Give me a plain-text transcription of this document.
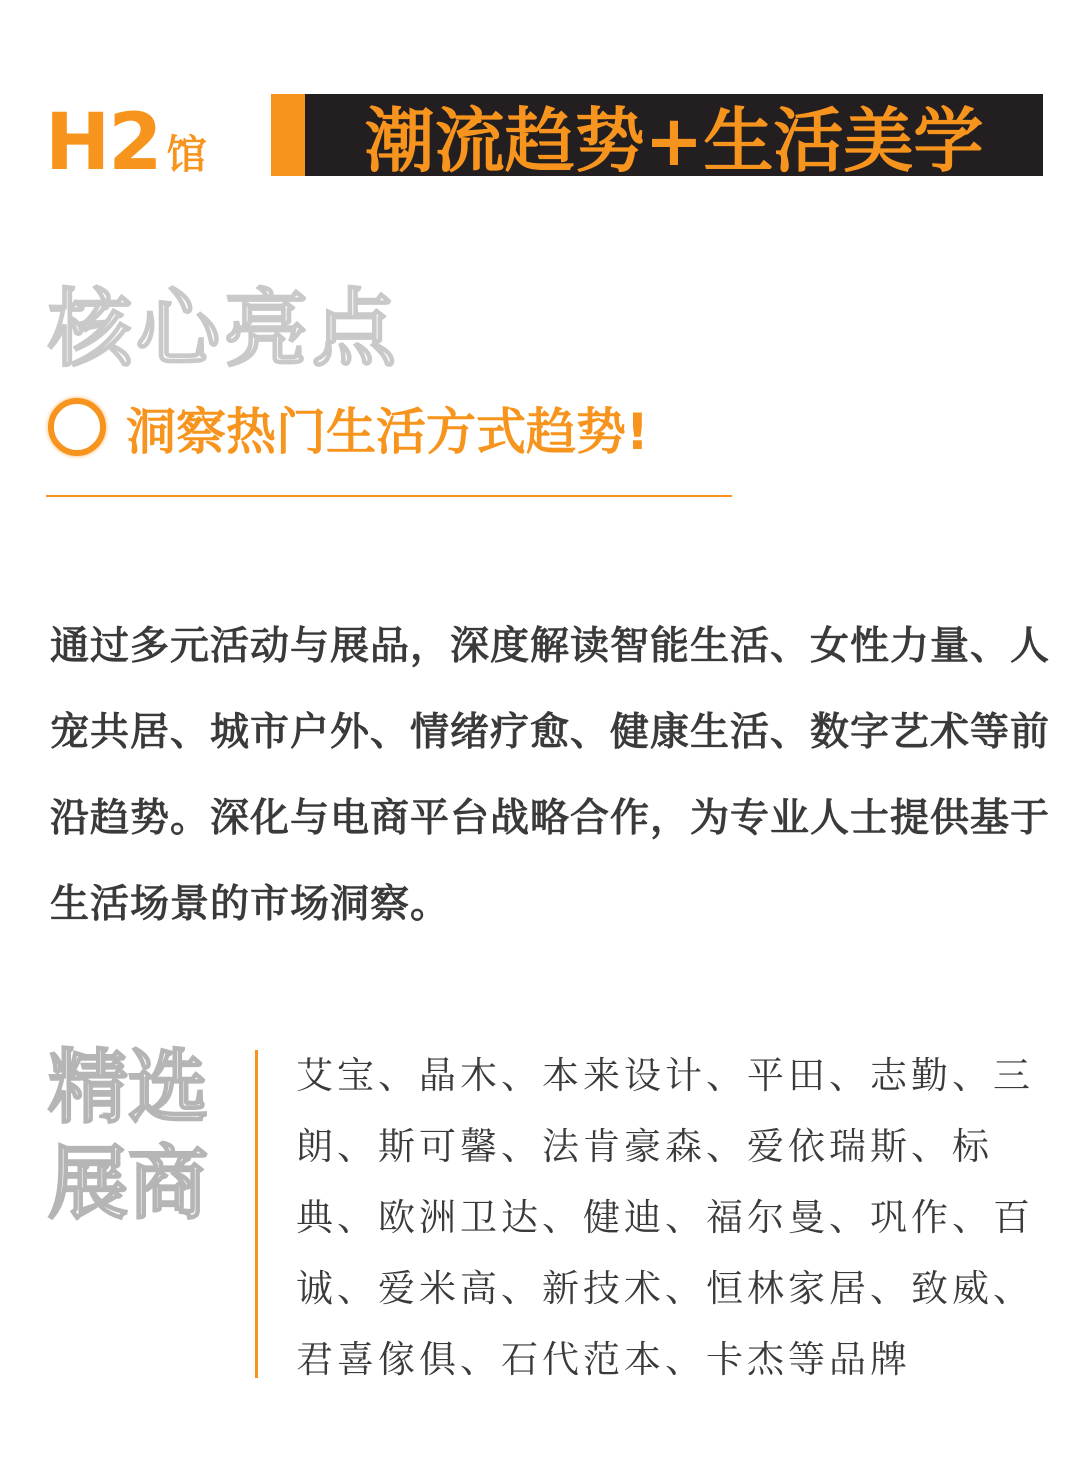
H2 馆 潮流趋势+生活美学
核心亮点
洞察热门生活方式趋势!
通过多元活动与展品，深度解读智能生活、女性力量、人宠共居、城市户外、情绪疗愈、健康生活、数字艺术等前沿趋势。深化与电商平台战略合作，为专业人士提供基于生活场景的市场洞察。
精选
展商
艾宝、晶木、本来设计、平田、志勤、三朗、斯可馨、法肯豪森、爱依瑞斯、标典、欧洲卫达、健迪、福尔曼、巩作、百诚、爱米高、新技术、恒林家居、致威、君喜傢俱、石代范本、卡杰等品牌
